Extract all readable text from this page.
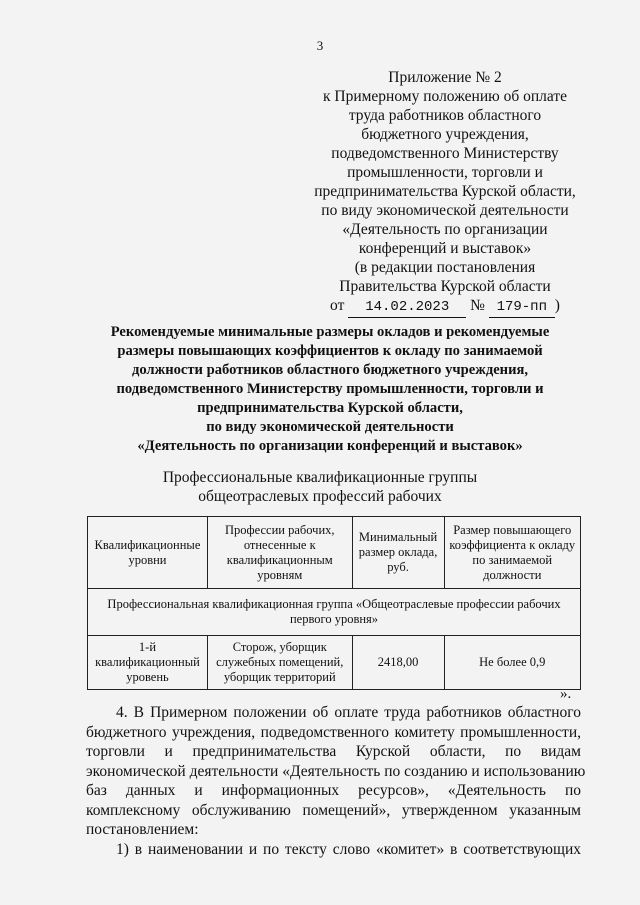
3
Приложение № 2
к Примерному положению об оплате
труда работников областного
бюджетного учреждения,
подведомственного Министерству
промышленности, торговли и
предпринимательства Курской области,
по виду экономической деятельности
«Деятельность по организации
конференций и выставок»
(в редакции постановления
Правительства Курской области
от 14.02.2023 № 179-пп )
Рекомендуемые минимальные размеры окладов и рекомендуемые
размеры повышающих коэффициентов к окладу по занимаемой
должности работников областного бюджетного учреждения,
подведомственного Министерству промышленности, торговли и
предпринимательства Курской области,
по виду экономической деятельности
«Деятельность по организации конференций и выставок»
Профессиональные квалификационные группы
общеотраслевых профессий рабочих
Квалификационные уровни	Профессии рабочих, отнесенные к квалификационным уровням	Минимальный размер оклада, руб.	Размер повышающего коэффициента к окладу по занимаемой должности
Профессиональная квалификационная группа «Общеотраслевые профессии рабочих первого уровня»			
1-й квалификационный уровень	Сторож, уборщик служебных помещений, уборщик территорий	2418,00	Не более 0,9
».
4. В Примерном положении об оплате труда работников областного
бюджетного учреждения, подведомственного комитету промышленности,
торговли и предпринимательства Курской области, по видам
экономической деятельности «Деятельность по созданию и использованию
баз данных и информационных ресурсов», «Деятельность по
комплексному обслуживанию помещений», утвержденном указанным
постановлением:
1) в наименовании и по тексту слово «комитет» в соответствующих
